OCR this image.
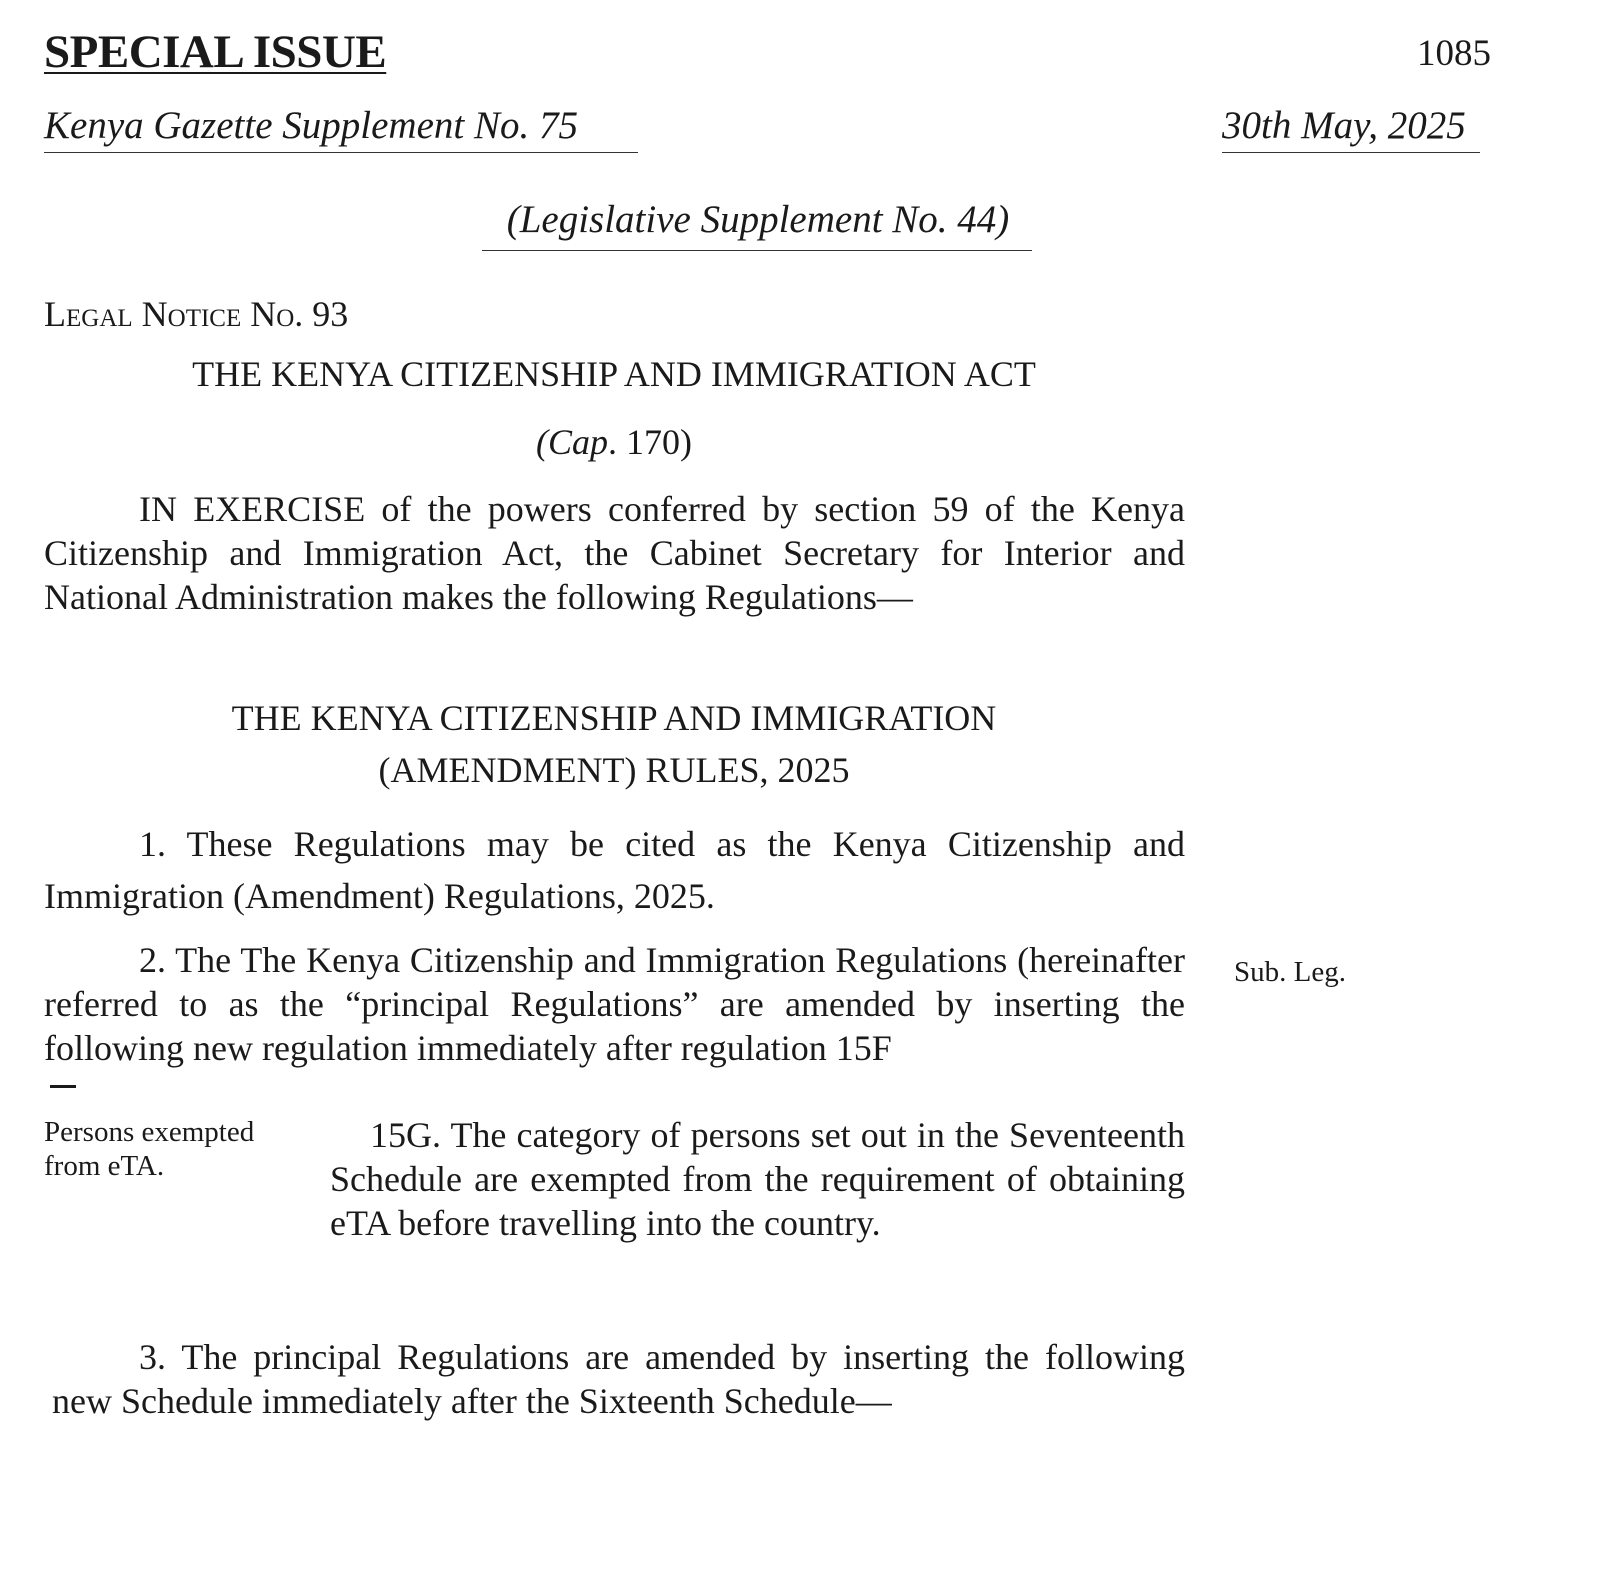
SPECIAL ISSUE	1085
Kenya Gazette Supplement No. 75	30th May, 2025
(Legislative Supplement No. 44)
Legal Notice No. 93
THE KENYA CITIZENSHIP AND IMMIGRATION ACT
(Cap. 170)
IN EXERCISE of the powers conferred by section 59 of the Kenya Citizenship and Immigration Act, the Cabinet Secretary for Interior and National Administration makes the following Regulations—
THE KENYA CITIZENSHIP AND IMMIGRATION
(AMENDMENT) RULES, 2025
1. These Regulations may be cited as the Kenya Citizenship and Immigration (Amendment) Regulations, 2025.
2. The The Kenya Citizenship and Immigration Regulations (hereinafter referred to as the “principal Regulations” are amended by inserting the following new regulation immediately after regulation 15F
Sub. Leg.
Persons exempted
from eTA.
15G. The category of persons set out in the Seventeenth Schedule are exempted from the requirement of obtaining eTA before travelling into the country.
3. The principal Regulations are amended by inserting the following new Schedule immediately after the Sixteenth Schedule—
